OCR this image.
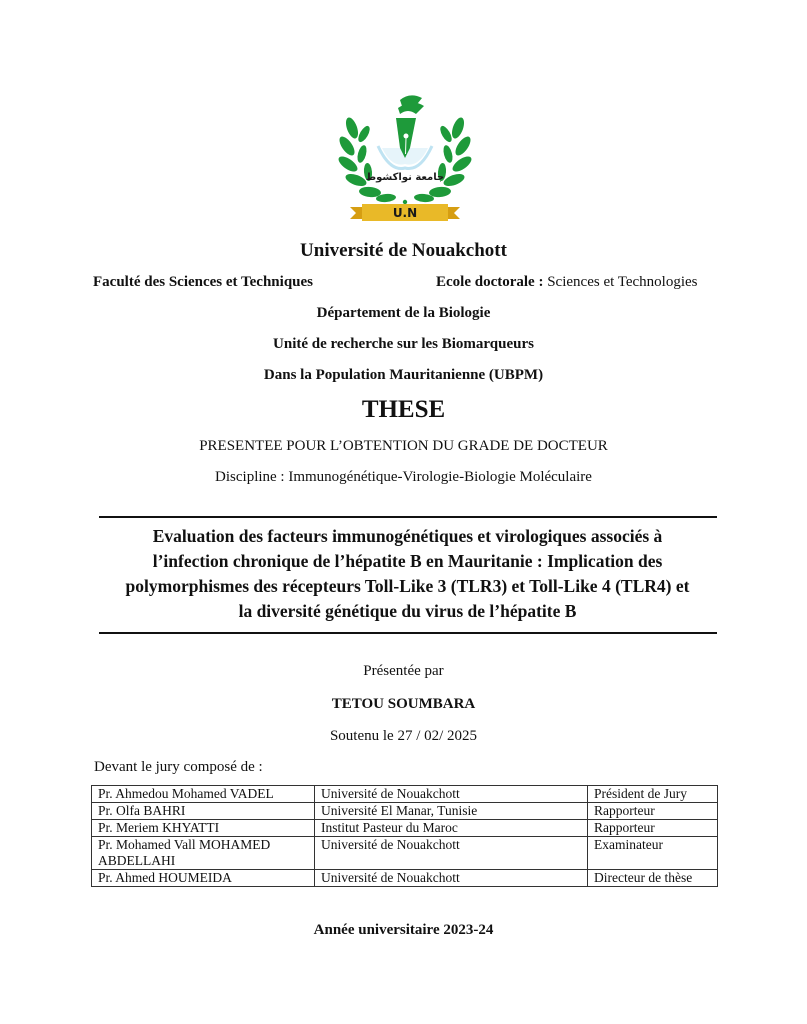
جامعة نواكشوط
U.N
Université de Nouakchott
Faculté des Sciences et Techniques	Ecole doctorale : Sciences et Technologies
Département de la Biologie
Unité de recherche sur les Biomarqueurs
Dans la Population Mauritanienne (UBPM)
THESE
PRESENTEE POUR L’OBTENTION DU GRADE DE DOCTEUR
Discipline : Immunogénétique-Virologie-Biologie Moléculaire
Evaluation des facteurs immunogénétiques et virologiques associés à
l’infection chronique de l’hépatite B en Mauritanie : Implication des
polymorphismes des récepteurs Toll-Like 3 (TLR3) et Toll-Like 4 (TLR4) et
la diversité génétique du virus de l’hépatite B
Présentée par
TETOU SOUMBARA
Soutenu le 27 / 02/ 2025
Devant le jury composé de :
Pr. Ahmedou Mohamed VADEL	Université de Nouakchott	Président de Jury
Pr. Olfa BAHRI	Université El Manar, Tunisie	Rapporteur
Pr. Meriem KHYATTI	Institut Pasteur du Maroc	Rapporteur
Pr. Mohamed Vall MOHAMED ABDELLAHI	Université de Nouakchott	Examinateur
Pr. Ahmed HOUMEIDA	Université de Nouakchott	Directeur de thèse
Année universitaire 2023-24
